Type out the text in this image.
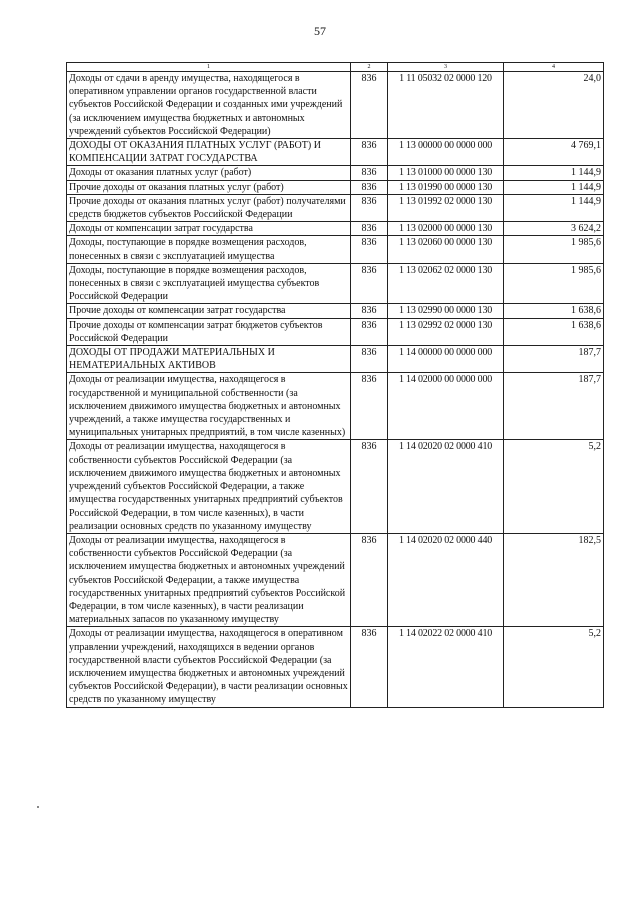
57
1	2	3	4
Доходы от сдачи в аренду имущества, находящегося в оперативном управлении органов государственной власти субъектов Российской Федерации и созданных ими учреждений (за исключением имущества бюджетных и автономных учреждений субъектов Российской Федерации)	836	1 11 05032 02 0000 120	24,0
ДОХОДЫ ОТ ОКАЗАНИЯ ПЛАТНЫХ УСЛУГ (РАБОТ) И КОМПЕНСАЦИИ ЗАТРАТ ГОСУДАРСТВА	836	1 13 00000 00 0000 000	4 769,1
Доходы от оказания платных услуг (работ)	836	1 13 01000 00 0000 130	1 144,9
Прочие доходы от оказания платных услуг (работ)	836	1 13 01990 00 0000 130	1 144,9
Прочие доходы от оказания платных услуг (работ) получателями средств бюджетов субъектов Российской Федерации	836	1 13 01992 02 0000 130	1 144,9
Доходы от компенсации затрат государства	836	1 13 02000 00 0000 130	3 624,2
Доходы, поступающие в порядке возмещения расходов, понесенных в связи с эксплуатацией имущества	836	1 13 02060 00 0000 130	1 985,6
Доходы, поступающие в порядке возмещения расходов, понесенных в связи с эксплуатацией имущества субъектов Российской Федерации	836	1 13 02062 02 0000 130	1 985,6
Прочие доходы от компенсации затрат государства	836	1 13 02990 00 0000 130	1 638,6
Прочие доходы от компенсации затрат бюджетов субъектов Российской Федерации	836	1 13 02992 02 0000 130	1 638,6
ДОХОДЫ ОТ ПРОДАЖИ МАТЕРИАЛЬНЫХ И НЕМАТЕРИАЛЬНЫХ АКТИВОВ	836	1 14 00000 00 0000 000	187,7
Доходы от реализации имущества, находящегося в государственной и муниципальной собственности (за исключением движимого имущества бюджетных и автономных учреждений, а также имущества государственных и муниципальных унитарных предприятий, в том числе казенных)	836	1 14 02000 00 0000 000	187,7
Доходы от реализации имущества, находящегося в собственности субъектов Российской Федерации (за исключением движимого имущества бюджетных и автономных учреждений субъектов Российской Федерации, а также имущества государственных унитарных предприятий субъектов Российской Федерации, в том числе казенных), в части реализации основных средств по указанному имуществу	836	1 14 02020 02 0000 410	5,2
Доходы от реализации имущества, находящегося в собственности субъектов Российской Федерации (за исключением имущества бюджетных и автономных учреждений субъектов Российской Федерации, а также имущества государственных унитарных предприятий субъектов Российской Федерации, в том числе казенных), в части реализации материальных запасов по указанному имуществу	836	1 14 02020 02 0000 440	182,5
Доходы от реализации имущества, находящегося в оперативном управлении учреждений, находящихся в ведении органов государственной власти субъектов Российской Федерации (за исключением имущества бюджетных и автономных учреждений субъектов Российской Федерации), в части реализации основных средств по указанному имуществу	836	1 14 02022 02 0000 410	5,2
